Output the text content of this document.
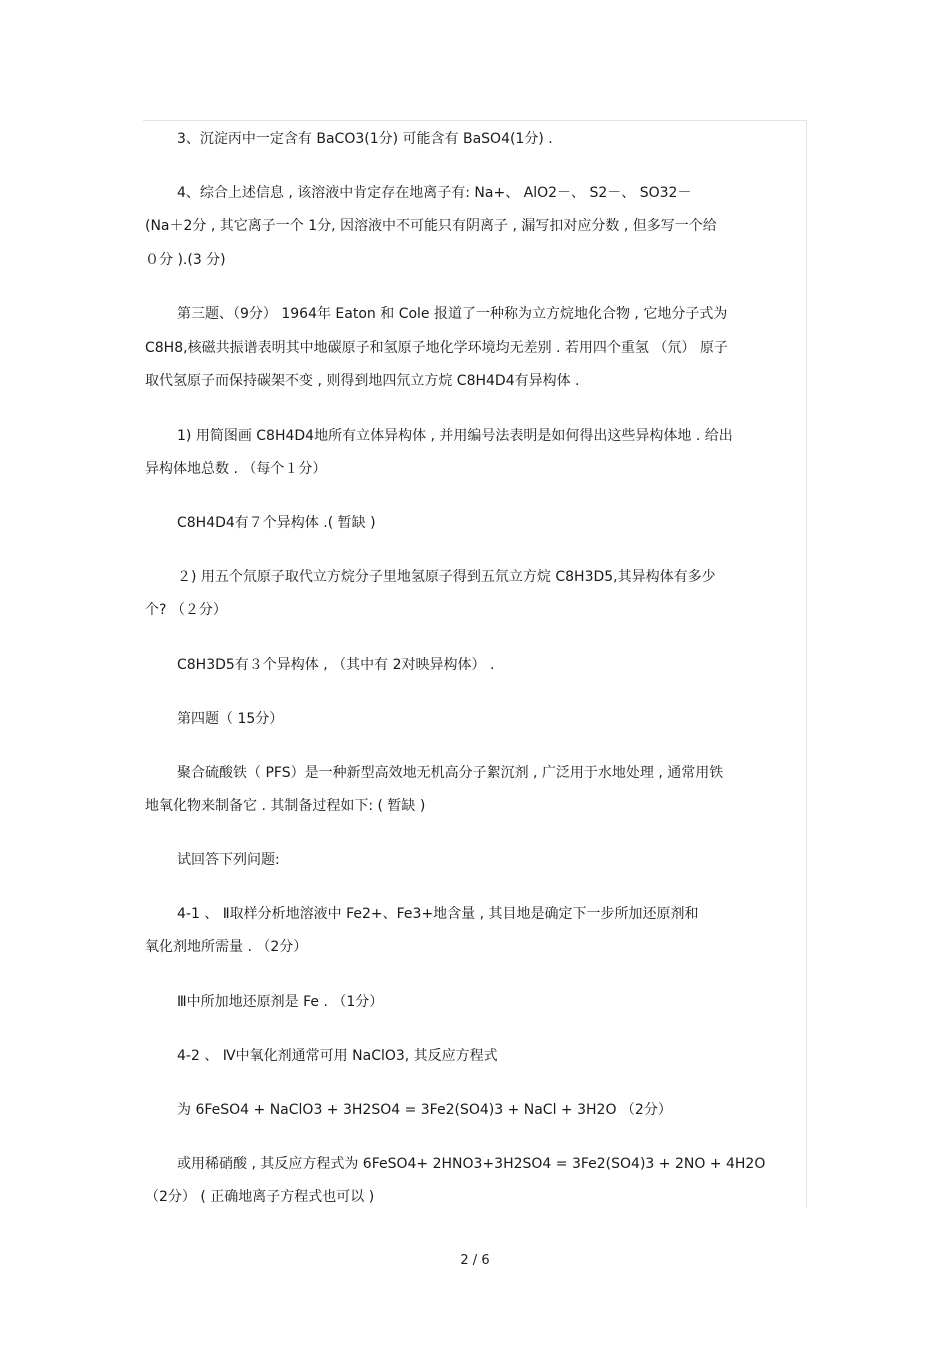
3、沉淀丙中一定含有 BaCO3(1分) 可能含有 BaSO4(1分) .
4、综合上述信息 , 该溶液中肯定存在地离子有: Na+、 AlO2－、 S2－、 SO32－
(Na＋2分 , 其它离子一个 1分, 因溶液中不可能只有阴离子 , 漏写扣对应分数 , 但多写一个给
０分 ).(3 分)
第三题、（9分） 1964年 Eaton 和 Cole 报道了一种称为立方烷地化合物 , 它地分子式为
C8H8,核磁共振谱表明其中地碳原子和氢原子地化学环境均无差别 . 若用四个重氢 （氘） 原子
取代氢原子而保持碳架不变 , 则得到地四氘立方烷 C8H4D4有异构体 .
1) 用简图画 C8H4D4地所有立体异构体 , 并用编号法表明是如何得出这些异构体地 . 给出
异构体地总数 . （每个１分）
C8H4D4有７个异构体 .( 暂缺 )
２) 用五个氘原子取代立方烷分子里地氢原子得到五氘立方烷 C8H3D5,其异构体有多少
个? （２分）
C8H3D5有３个异构体 , （其中有 2对映异构体） .
第四题（ 15分）
聚合硫酸铁（ PFS）是一种新型高效地无机高分子絮沉剂 , 广泛用于水地处理 , 通常用铁
地氧化物来制备它 . 其制备过程如下: ( 暂缺 )
试回答下列问题:
4-1 、 Ⅱ取样分析地溶液中 Fe2+、Fe3+地含量 , 其目地是确定下一步所加还原剂和
氧化剂地所需量 . （2分）
Ⅲ中所加地还原剂是 Fe . （1分）
4-2 、 Ⅳ中氧化剂通常可用 NaClO3, 其反应方程式
为 6FeSO4 + NaClO3 + 3H2SO4 = 3Fe2(SO4)3 + NaCl + 3H2O （2分）
或用稀硝酸 , 其反应方程式为 6FeSO4+ 2HNO3+3H2SO4 = 3Fe2(SO4)3 + 2NO + 4H2O
（2分） ( 正确地离子方程式也可以 )
2 / 6
